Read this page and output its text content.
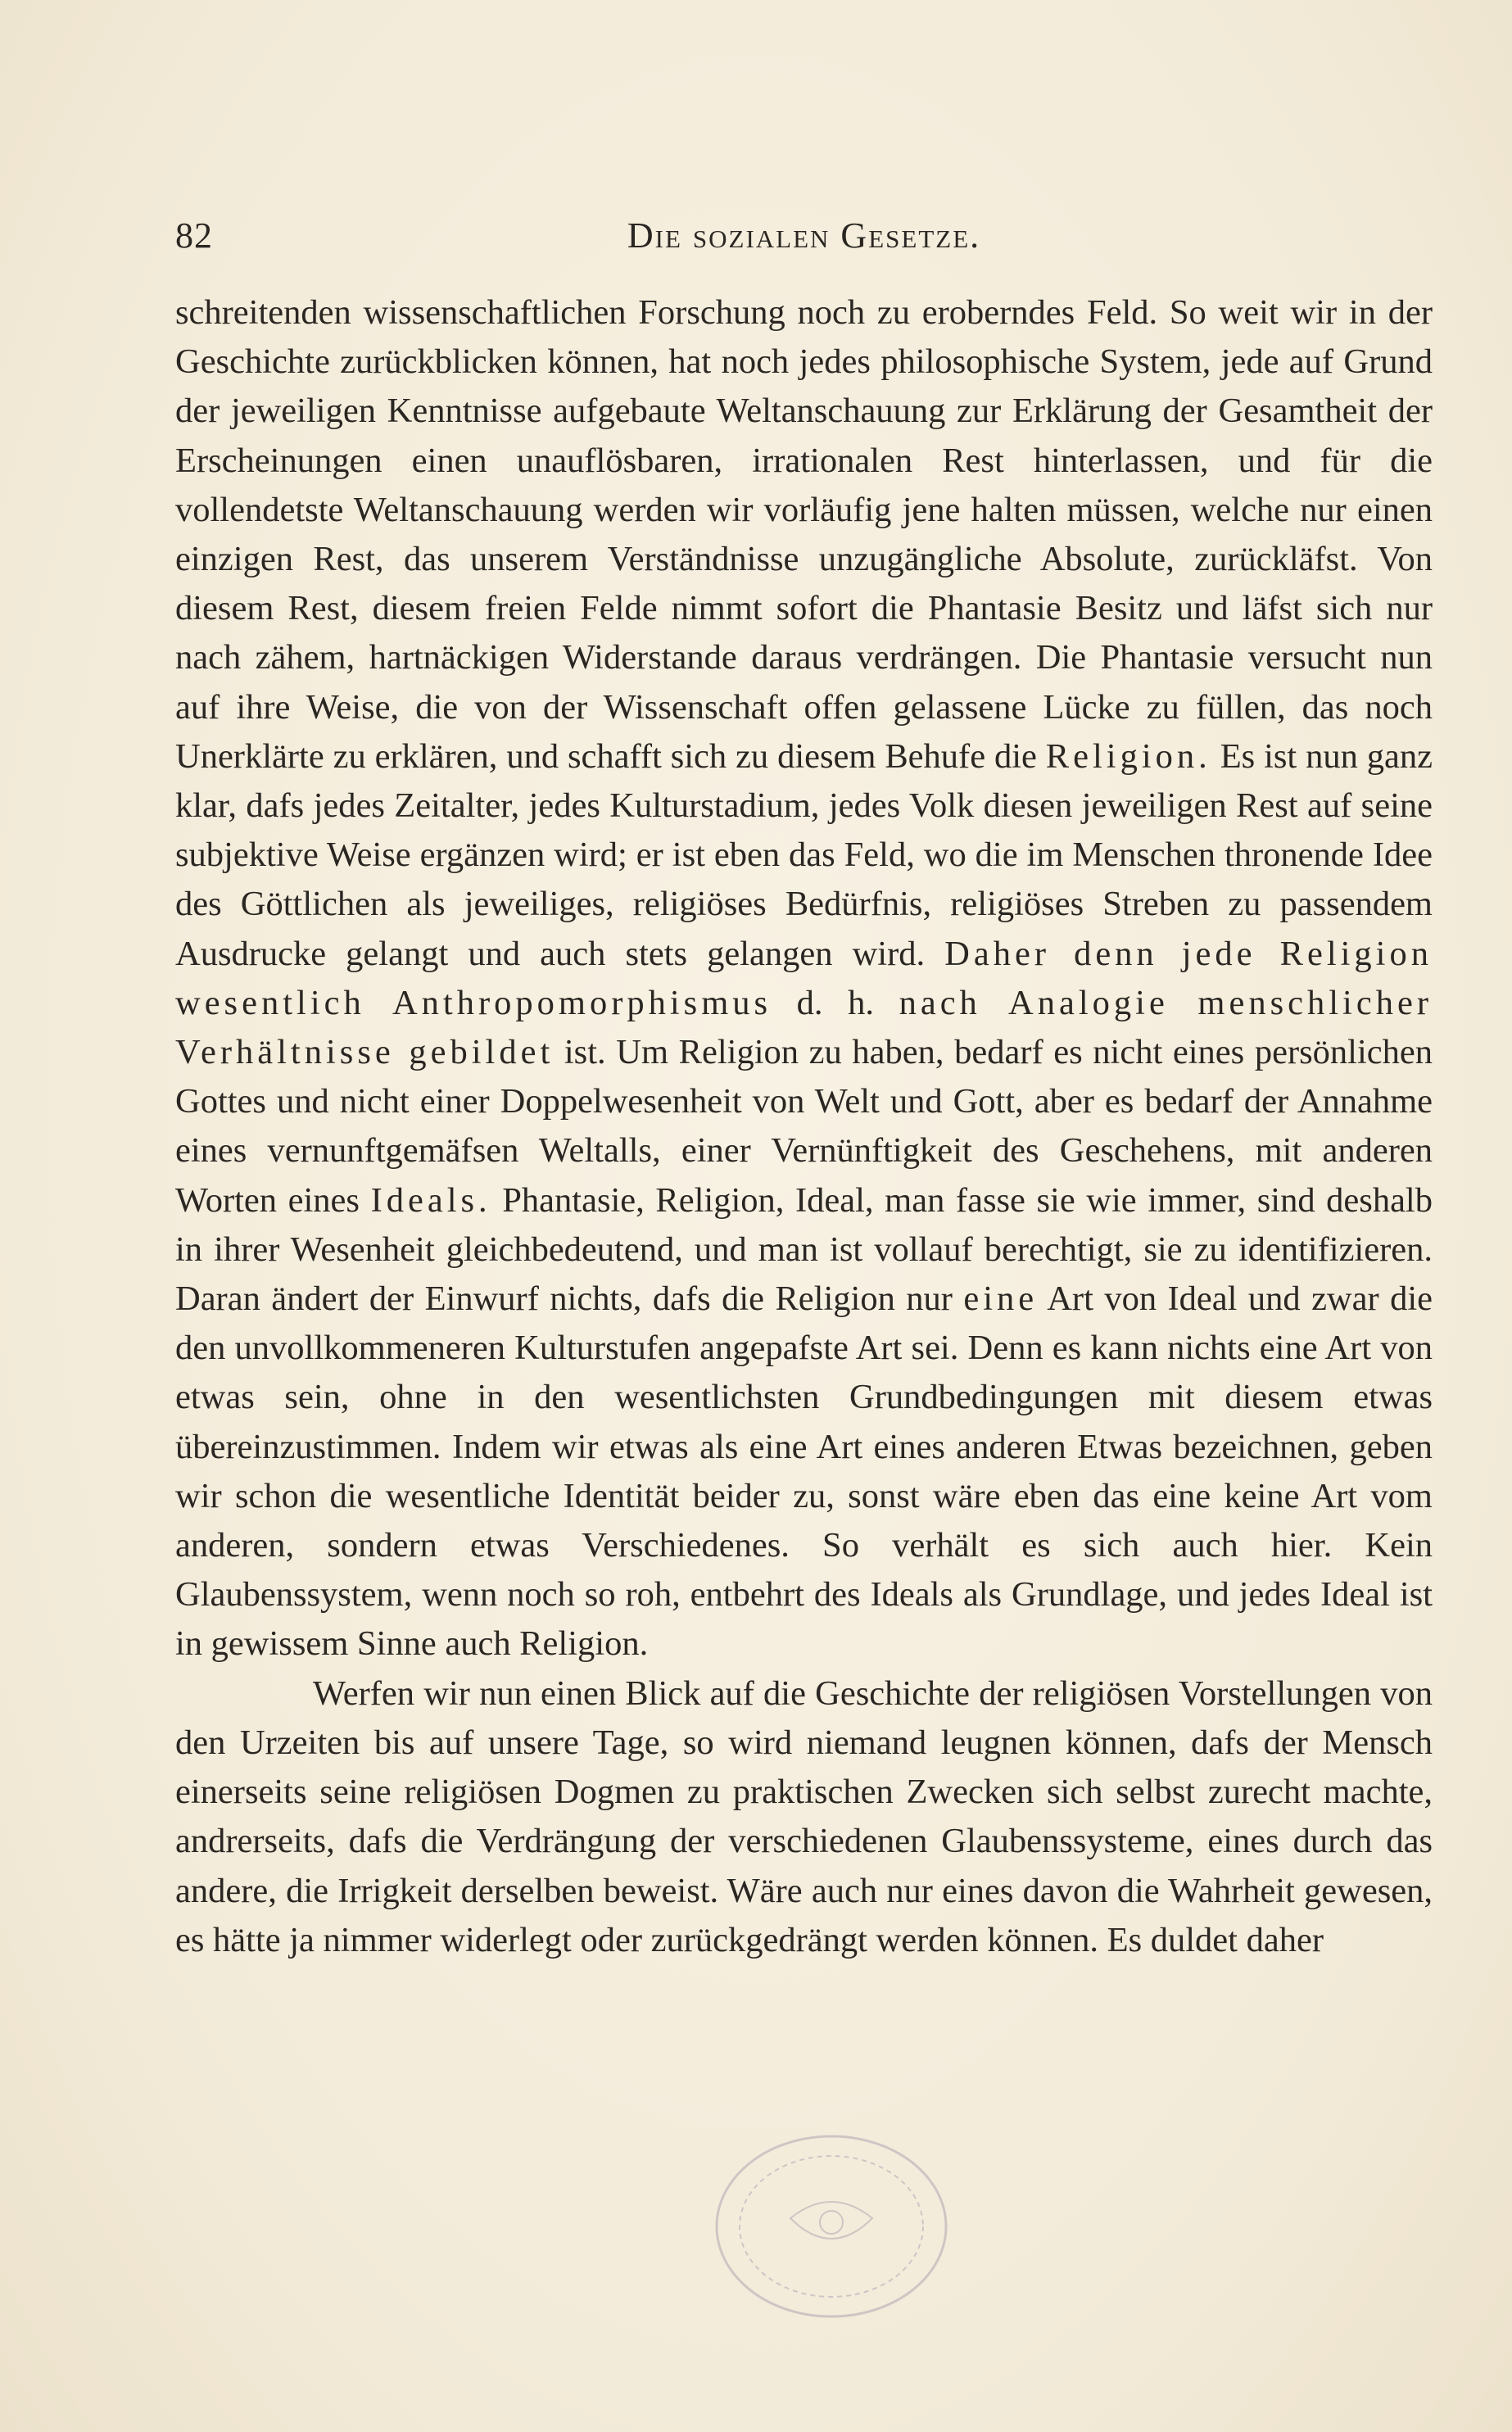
82	Die sozialen Gesetze.

schreitenden wissenschaftlichen Forschung noch zu eroberndes Feld. So weit wir in der Geschichte zurückblicken können, hat noch jedes philosophische System, jede auf Grund der jeweiligen Kenntnisse aufgebaute Weltanschauung zur Erklärung der Gesamtheit der Erscheinungen einen unauflösbaren, irrationalen Rest hinterlassen, und für die vollendetste Weltanschauung werden wir vorläufig jene halten müssen, welche nur einen einzigen Rest, das unserem Verständnisse unzugängliche Absolute, zurückläfst. Von diesem Rest, diesem freien Felde nimmt sofort die Phantasie Besitz und läfst sich nur nach zähem, hartnäckigen Widerstande daraus verdrängen. Die Phantasie versucht nun auf ihre Weise, die von der Wissenschaft offen gelassene Lücke zu füllen, das noch Unerklärte zu erklären, und schafft sich zu diesem Behufe die Religion. Es ist nun ganz klar, dafs jedes Zeitalter, jedes Kulturstadium, jedes Volk diesen jeweiligen Rest auf seine subjektive Weise ergänzen wird; er ist eben das Feld, wo die im Menschen thronende Idee des Göttlichen als jeweiliges, religiöses Bedürfnis, religiöses Streben zu passendem Ausdrucke gelangt und auch stets gelangen wird. Daher denn jede Religion wesentlich Anthropomorphismus d. h. nach Analogie menschlicher Verhältnisse gebildet ist. Um Religion zu haben, bedarf es nicht eines persönlichen Gottes und nicht einer Doppelwesenheit von Welt und Gott, aber es bedarf der Annahme eines vernunftgemäfsen Weltalls, einer Vernünftigkeit des Geschehens, mit anderen Worten eines Ideals. Phantasie, Religion, Ideal, man fasse sie wie immer, sind deshalb in ihrer Wesenheit gleichbedeutend, und man ist vollauf berechtigt, sie zu identifizieren. Daran ändert der Einwurf nichts, dafs die Religion nur eine Art von Ideal und zwar die den unvollkommeneren Kulturstufen angepafste Art sei. Denn es kann nichts eine Art von etwas sein, ohne in den wesentlichsten Grundbedingungen mit diesem etwas übereinzustimmen. Indem wir etwas als eine Art eines anderen Etwas bezeichnen, geben wir schon die wesentliche Identität beider zu, sonst wäre eben das eine keine Art vom anderen, sondern etwas Verschiedenes. So verhält es sich auch hier. Kein Glaubenssystem, wenn noch so roh, entbehrt des Ideals als Grundlage, und jedes Ideal ist in gewissem Sinne auch Religion.

Werfen wir nun einen Blick auf die Geschichte der religiösen Vorstellungen von den Urzeiten bis auf unsere Tage, so wird niemand leugnen können, dafs der Mensch einerseits seine religiösen Dogmen zu praktischen Zwecken sich selbst zurecht machte, andrerseits, dafs die Verdrängung der verschiedenen Glaubenssysteme, eines durch das andere, die Irrigkeit derselben beweist. Wäre auch nur eines davon die Wahrheit gewesen, es hätte ja nimmer widerlegt oder zurückgedrängt werden können. Es duldet daher
